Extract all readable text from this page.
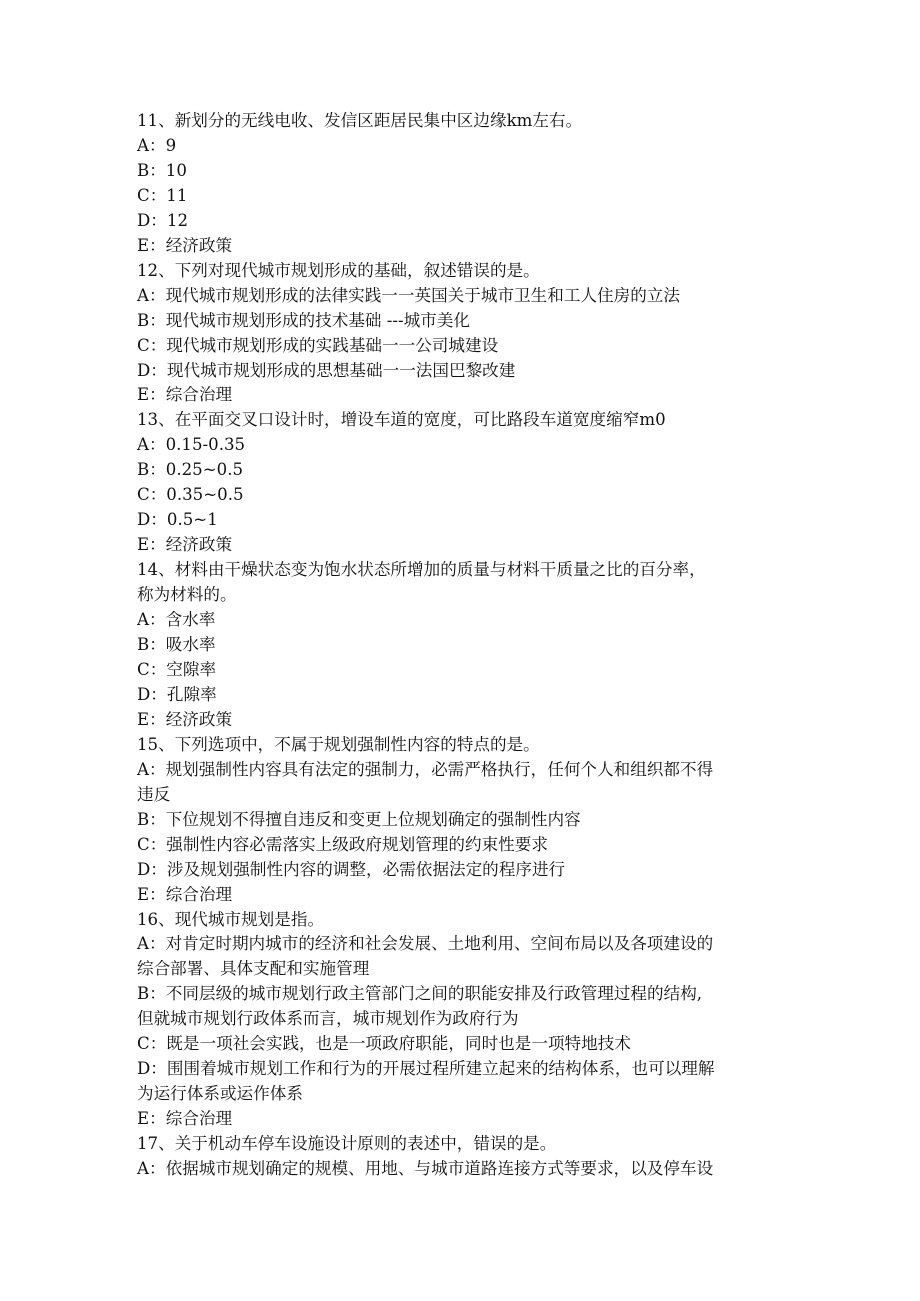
11、新划分的无线电收、发信区距居民集中区边缘km左右。
A：9
B：10
C：11
D：12
E：经济政策
12、下列对现代城市规划形成的基础，叙述错误的是。
A：现代城市规划形成的法律实践一一英国关于城市卫生和工人住房的立法
B：现代城市规划形成的技术基础 ---城市美化
C：现代城市规划形成的实践基础一一公司城建设
D：现代城市规划形成的思想基础一一法国巴黎改建
E：综合治理
13、在平面交叉口设计时，增设车道的宽度，可比路段车道宽度缩窄m0
A：0.15-0.35
B：0.25~0.5
C：0.35~0.5
D：0.5~1
E：经济政策
14、材料由干燥状态变为饱水状态所增加的质量与材料干质量之比的百分率，
称为材料的。
A：含水率
B：吸水率
C：空隙率
D：孔隙率
E：经济政策
15、下列选项中，不属于规划强制性内容的特点的是。
A：规划强制性内容具有法定的强制力，必需严格执行，任何个人和组织都不得
违反
B：下位规划不得擅自违反和变更上位规划确定的强制性内容
C：强制性内容必需落实上级政府规划管理的约束性要求
D：涉及规划强制性内容的调整，必需依据法定的程序进行
E：综合治理
16、现代城市规划是指。
A：对肯定时期内城市的经济和社会发展、土地利用、空间布局以及各项建设的
综合部署、具体支配和实施管理
B：不同层级的城市规划行政主管部门之间的职能安排及行政管理过程的结构,
但就城市规划行政体系而言，城市规划作为政府行为
C：既是一项社会实践，也是一项政府职能，同时也是一项特地技术
D：围围着城市规划工作和行为的开展过程所建立起来的结构体系，也可以理解
为运行体系或运作体系
E：综合治理
17、关于机动车停车设施设计原则的表述中，错误的是。
A：依据城市规划确定的规模、用地、与城市道路连接方式等要求，以及停车设
